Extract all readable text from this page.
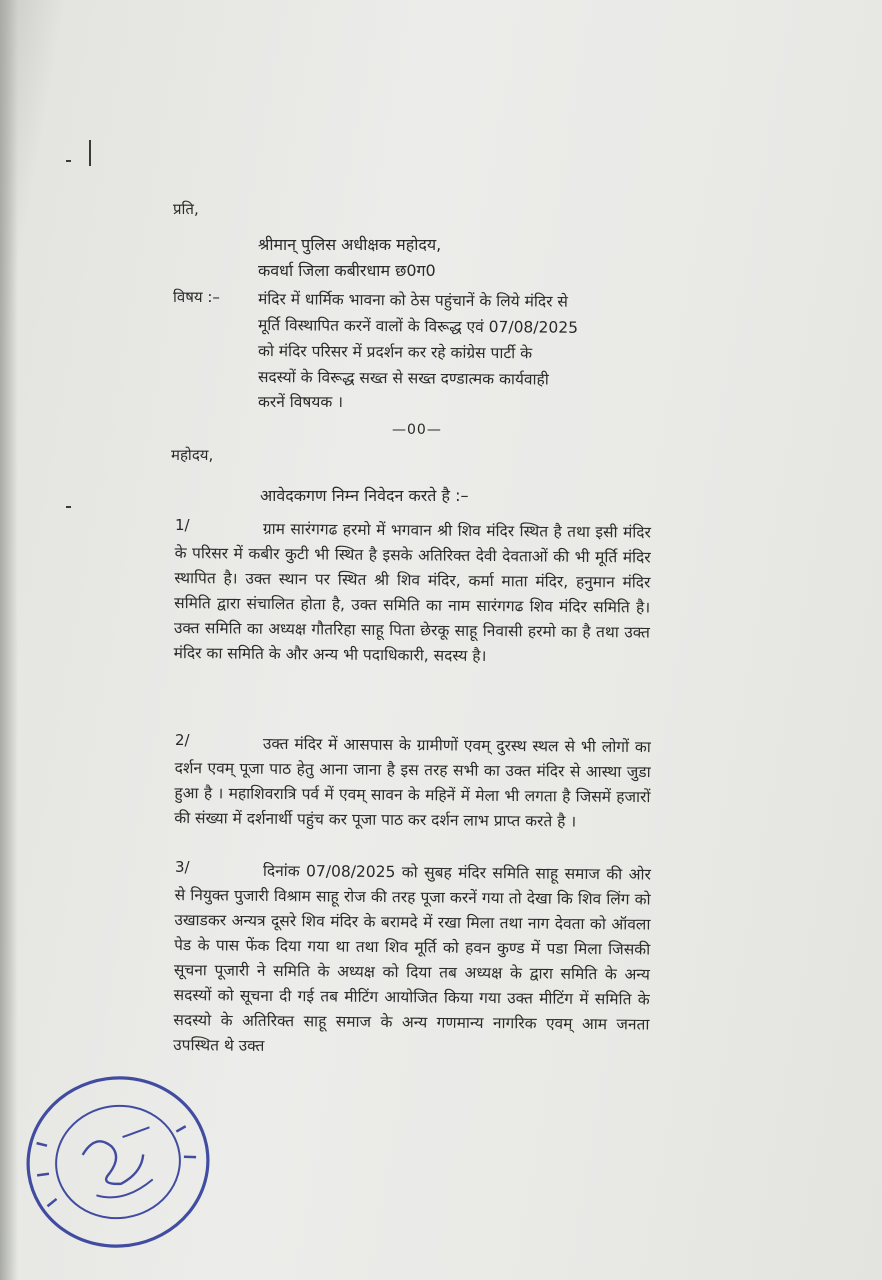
प्रति,
श्रीमान् पुलिस अधीक्षक महोदय,
कवर्धा जिला कबीरधाम छ0ग0
विषय :– मंदिर में धार्मिक भावना को ठेस पहुंचानें के लिये मंदिर से
मूर्ति विस्थापित करनें वालों के विरूद्ध एवं 07/08/2025
को मंदिर परिसर में प्रदर्शन कर रहे कांग्रेस पार्टी के
सदस्यों के विरूद्ध सख्त से सख्त दण्डात्मक कार्यवाही
करनें विषयक ।
—00—
महोदय,
आवेदकगण निम्न निवेदन करते है :–
1/	ग्राम सारंगगढ हरमो में भगवान श्री शिव मंदिर स्थित है तथा इसी मंदिर के परिसर में कबीर कुटी भी स्थित है इसके अतिरिक्त देवी देवताओं की भी मूर्ति मंदिर स्थापित है। उक्त स्थान पर स्थित श्री शिव मंदिर, कर्मा माता मंदिर, हनुमान मंदिर समिति द्वारा संचालित होता है, उक्त समिति का नाम सारंगगढ शिव मंदिर समिति है। उक्त समिति का अध्यक्ष गौतरिहा साहू पिता छेरकू साहू निवासी हरमो का है तथा उक्त मंदिर का समिति के और अन्य भी पदाधिकारी, सदस्य है।
2/	उक्त मंदिर में आसपास के ग्रामीणों एवम् दुरस्थ स्थल से भी लोगों का दर्शन एवम् पूजा पाठ हेतु आना जाना है इस तरह सभी का उक्त मंदिर से आस्था जुडा हुआ है । महाशिवरात्रि पर्व में एवम् सावन के महिनें में मेला भी लगता है जिसमें हजारों की संख्या में दर्शनार्थी पहुंच कर पूजा पाठ कर दर्शन लाभ प्राप्त करते है ।
3/	दिनांक 07/08/2025 को सुबह मंदिर समिति साहू समाज की ओर से नियुक्त पुजारी विश्राम साहू रोज की तरह पूजा करनें गया तो देखा कि शिव लिंग को उखाडकर अन्यत्र दूसरे शिव मंदिर के बरामदे में रखा मिला तथा नाग देवता को ऑवला पेड के पास फेंक दिया गया था तथा शिव मूर्ति को हवन कुण्ड में पडा मिला जिसकी सूचना पूजारी ने समिति के अध्यक्ष को दिया तब अध्यक्ष के द्वारा समिति के अन्य सदस्यों को सूचना दी गई तब मीटिंग आयोजित किया गया उक्त मीटिंग में समिति के सदस्यो के अतिरिक्त साहू समाज के अन्य गणमान्य नागरिक एवम् आम जनता उपस्थित थे उक्त
